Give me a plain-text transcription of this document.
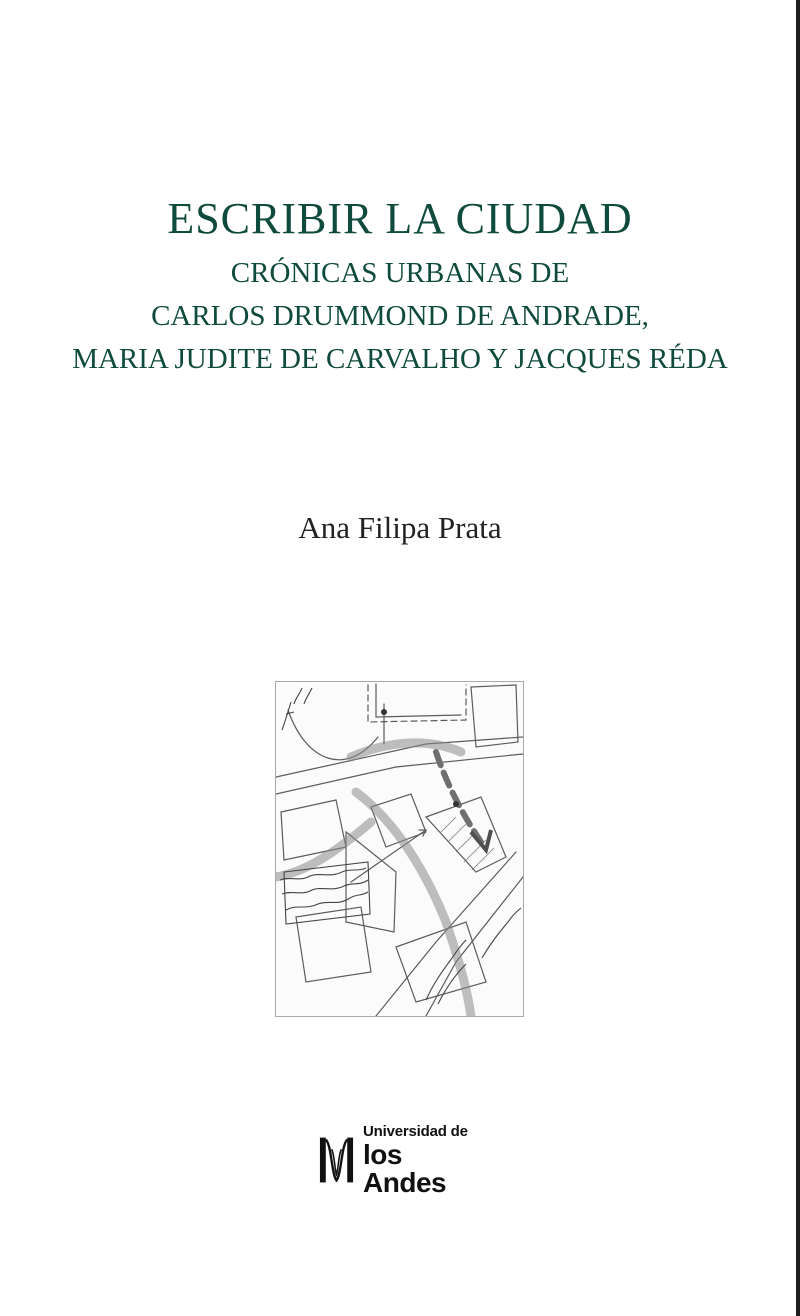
ESCRIBIR LA CIUDAD
CRÓNICAS URBANAS DE
CARLOS DRUMMOND DE ANDRADE,
MARIA JUDITE DE CARVALHO Y JACQUES RÉDA
Ana Filipa Prata
Universidad de
los Andes
